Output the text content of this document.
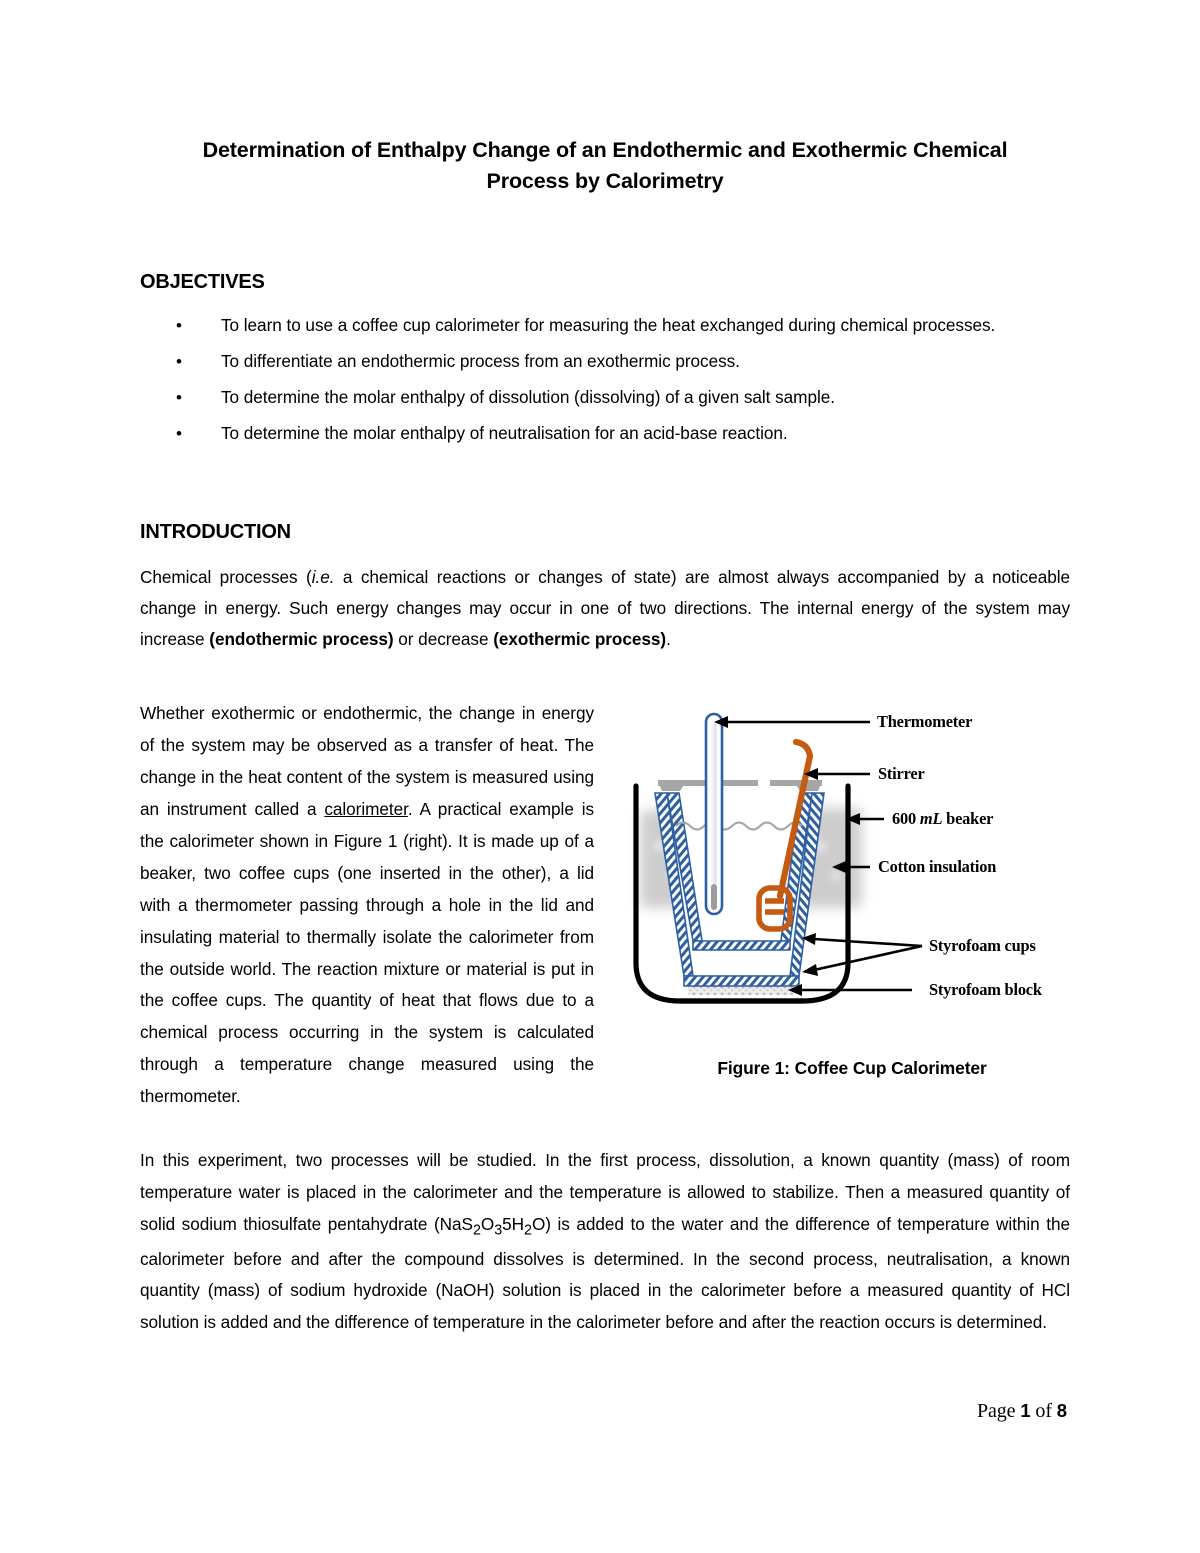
Determination of Enthalpy Change of an Endothermic and Exothermic Chemical Process by Calorimetry
OBJECTIVES
• To learn to use a coffee cup calorimeter for measuring the heat exchanged during chemical processes.
• To differentiate an endothermic process from an exothermic process.
• To determine the molar enthalpy of dissolution (dissolving) of a given salt sample.
• To determine the molar enthalpy of neutralisation for an acid-base reaction.
INTRODUCTION

Chemical processes (i.e. a chemical reactions or changes of state) are almost always accompanied by a noticeable change in energy. Such energy changes may occur in one of two directions. The internal energy of the system may increase (endothermic process) or decrease (exothermic process).

Thermometer
Stirrer
600 mL beaker
Cotton insulation
Styrofoam cups
Styrofoam block
Figure 1: Coffee Cup Calorimeter

Whether exothermic or endothermic, the change in energy of the system may be observed as a transfer of heat. The change in the heat content of the system is measured using an instrument called a calorimeter. A practical example is the calorimeter shown in Figure 1 (right). It is made up of a beaker, two coffee cups (one inserted in the other), a lid with a thermometer passing through a hole in the lid and insulating material to thermally isolate the calorimeter from the outside world. The reaction mixture or material is put in the coffee cups. The quantity of heat that flows due to a chemical process occurring in the system is calculated through a temperature change measured using the thermometer.

In this experiment, two processes will be studied. In the first process, dissolution, a known quantity (mass) of room temperature water is placed in the calorimeter and the temperature is allowed to stabilize. Then a measured quantity of solid sodium thiosulfate pentahydrate $(NaS_2O_35H_2O)$ is added to the water and the difference of temperature within the calorimeter before and after the compound dissolves is determined. In the second process, neutralisation, a known quantity (mass) of sodium hydroxide (NaOH) solution is placed in the calorimeter before a measured quantity of HCl solution is added and the difference of temperature in the calorimeter before and after the reaction occurs is determined.

Page 1 of 8
